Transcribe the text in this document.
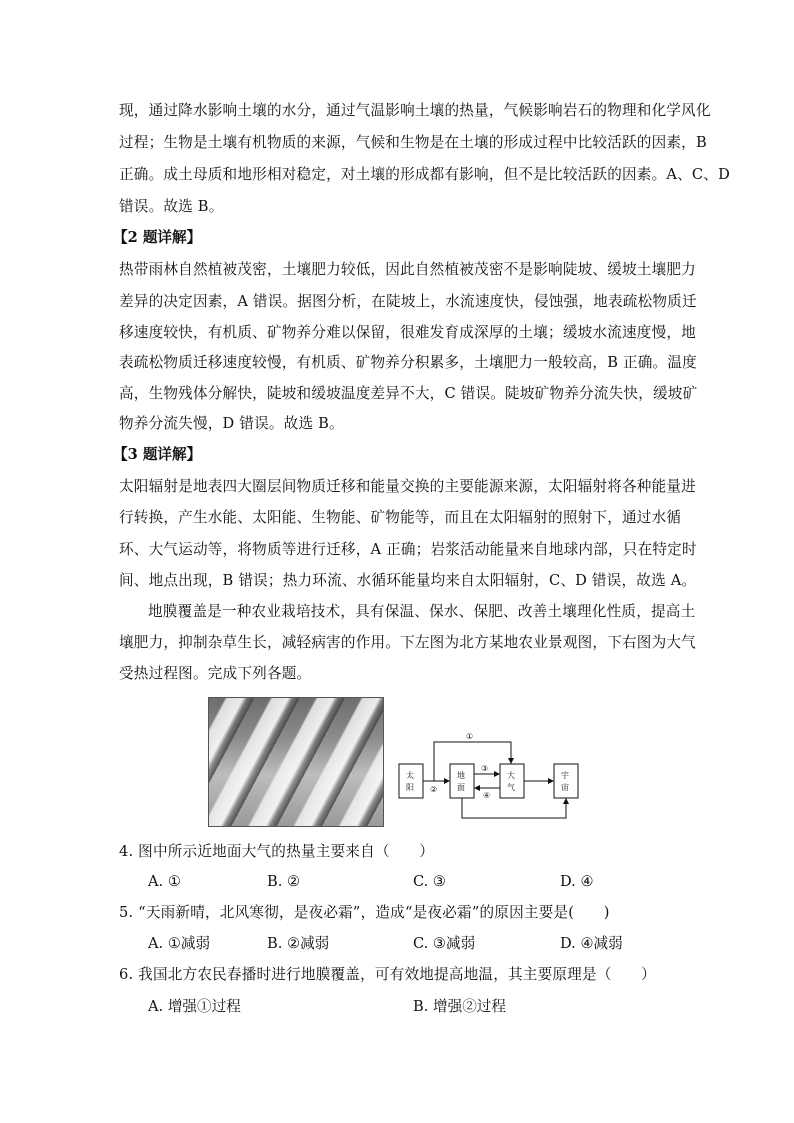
现，通过降水影响土壤的水分，通过气温影响土壤的热量，气候影响岩石的物理和化学风化
过程；生物是土壤有机物质的来源，气候和生物是在土壤的形成过程中比较活跃的因素，B
正确。成土母质和地形相对稳定，对土壤的形成都有影响，但不是比较活跃的因素。A、C、D
错误。故选 B。
【2 题详解】
热带雨林自然植被茂密，土壤肥力较低，因此自然植被茂密不是影响陡坡、缓坡土壤肥力
差异的决定因素，A 错误。据图分析，在陡坡上，水流速度快，侵蚀强，地表疏松物质迁
移速度较快，有机质、矿物养分难以保留，很难发育成深厚的土壤；缓坡水流速度慢，地
表疏松物质迁移速度较慢，有机质、矿物养分积累多，土壤肥力一般较高，B 正确。温度
高，生物残体分解快，陡坡和缓坡温度差异不大，C 错误。陡坡矿物养分流失快，缓坡矿
物养分流失慢，D 错误。故选 B。
【3 题详解】
太阳辐射是地表四大圈层间物质迁移和能量交换的主要能源来源，太阳辐射将各种能量进
行转换，产生水能、太阳能、生物能、矿物能等，而且在太阳辐射的照射下，通过水循
环、大气运动等，将物质等进行迁移，A 正确；岩浆活动能量来自地球内部，只在特定时
间、地点出现，B 错误；热力环流、水循环能量均来自太阳辐射，C、D 错误，故选 A。
地膜覆盖是一种农业栽培技术，具有保温、保水、保肥、改善土壤理化性质，提高土
壤肥力，抑制杂草生长，减轻病害的作用。下左图为北方某地农业景观图，下右图为大气
受热过程图。完成下列各题。
太
阳
地
面
大
气
宇
宙
①
②
③
④
4. 图中所示近地面大气的热量主要来自（　　）
A. ①	B. ②	C. ③	D. ④
5. “天雨新晴，北风寒彻，是夜必霜”，造成“是夜必霜”的原因主要是(　　)
A. ①减弱	B. ②减弱	C. ③减弱	D. ④减弱
6. 我国北方农民春播时进行地膜覆盖，可有效地提高地温，其主要原理是（　　）
A. 增强①过程	B. 增强②过程
